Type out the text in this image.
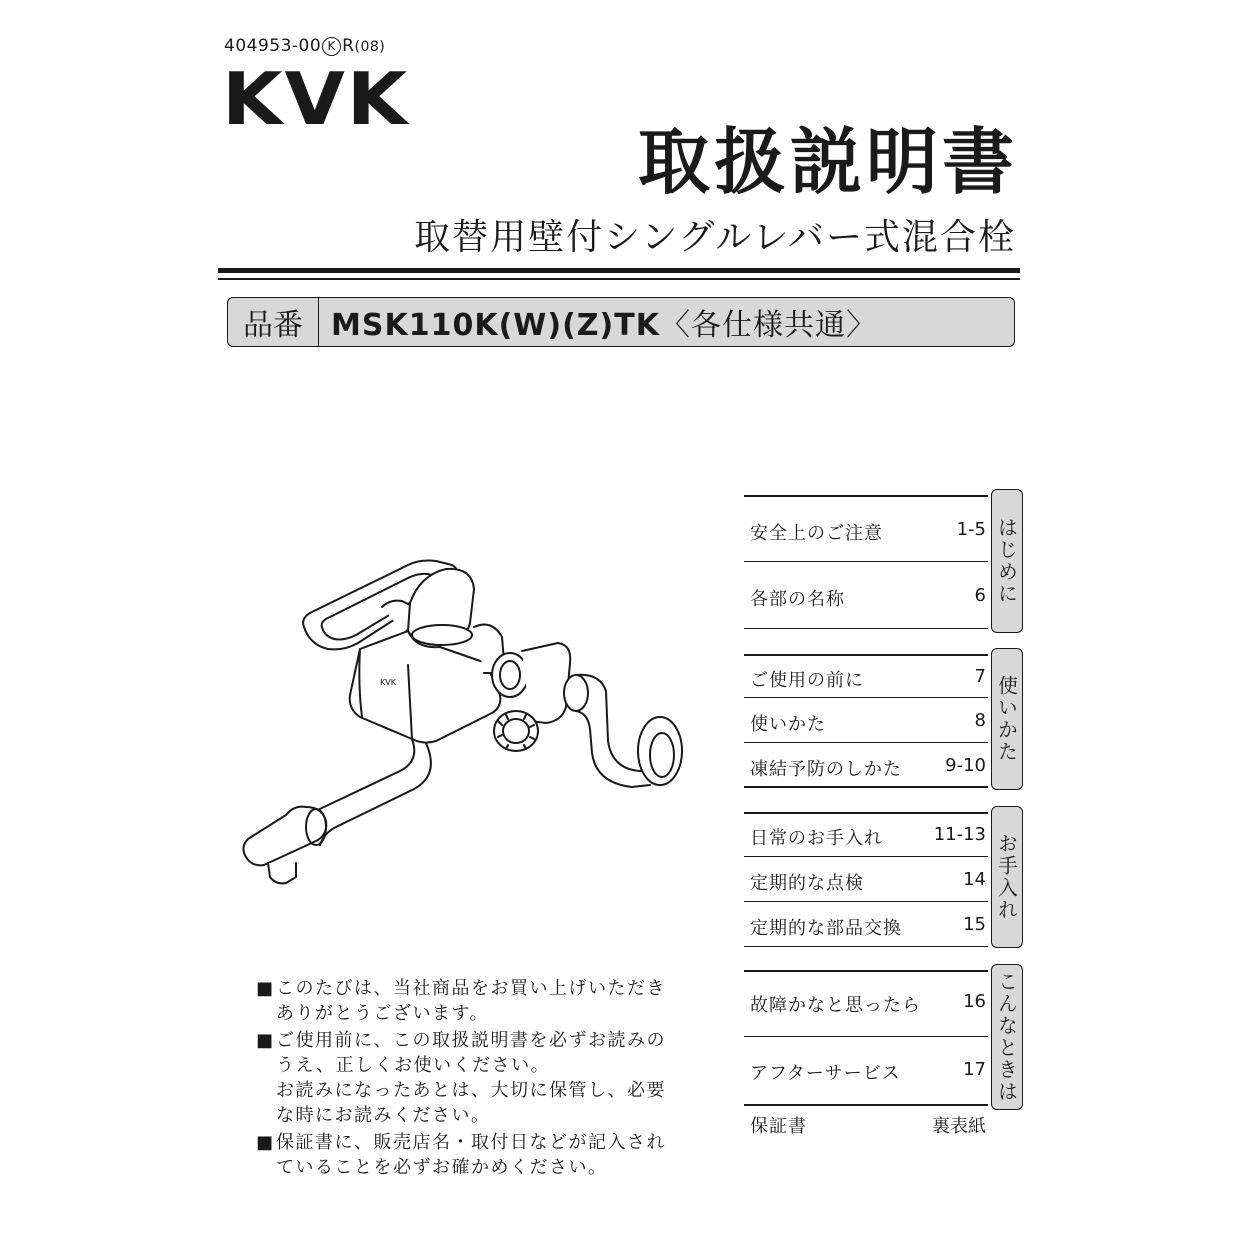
404953-00 K R(08)
KVK
取扱説明書
取替用壁付シングルレバー式混合栓
品番 MSK110K(W)(Z)TK〈各仕様共通〉
KVK
■ このたびは、当社商品をお買い上げいただき
ありがとうございます。
■ ご使用前に、この取扱説明書を必ずお読みの
うえ、正しくお使いください。
お読みになったあとは、大切に保管し、必要
な時にお読みください。
■ 保証書に、販売店名・取付日などが記入され
ていることを必ずお確かめください。
安全上のご注意	1-5
各部の名称	6 はじめに
ご使用の前に	7
使いかた	8
凍結予防のしかた 9-10
使いかた
日常のお手入れ	11-13
定期的な点検	14
定期的な部品交換	15
お手入れ
故障かなと思ったら 16
アフターサービス	17 こんなときは
保証書	裏表紙
